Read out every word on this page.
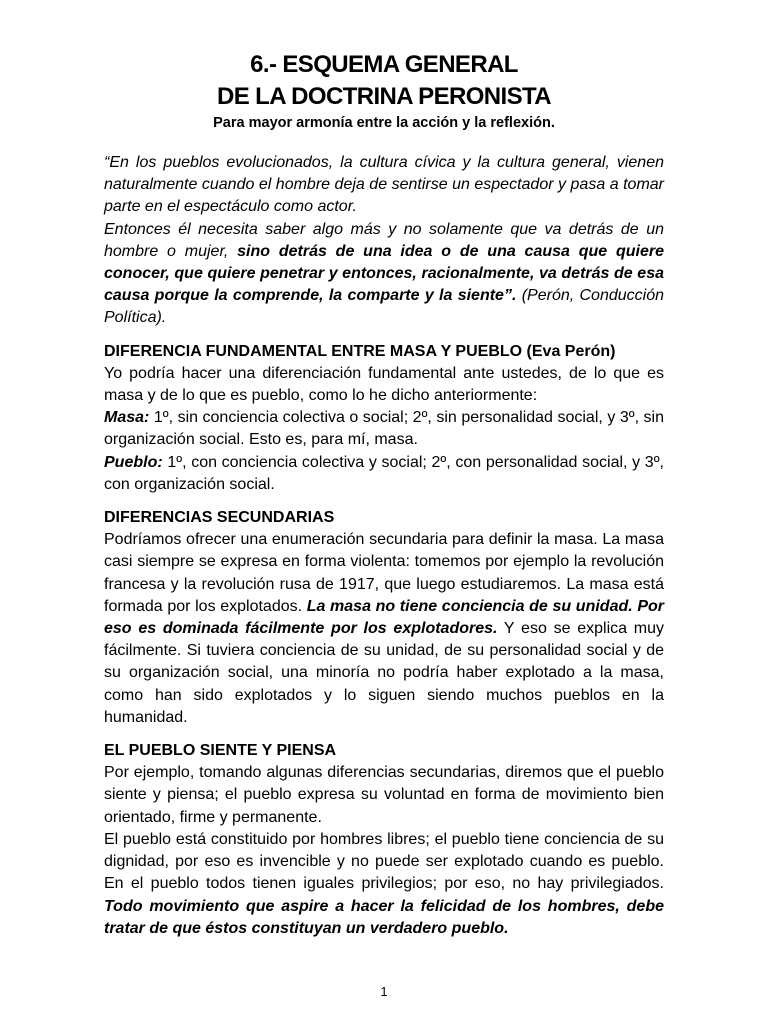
6.- ESQUEMA GENERAL
DE LA DOCTRINA PERONISTA
Para mayor armonía entre la acción y la reflexión.

“En los pueblos evolucionados, la cultura cívica y la cultura general, vienen naturalmente cuando el hombre deja de sentirse un espectador y pasa a tomar parte en el espectáculo como actor.

Entonces él necesita saber algo más y no solamente que va detrás de un hombre o mujer, sino detrás de una idea o de una causa que quiere conocer, que quiere penetrar y entonces, racionalmente, va detrás de esa causa porque la comprende, la comparte y la siente”. (Perón, Conducción Política).

DIFERENCIA FUNDAMENTAL ENTRE MASA Y PUEBLO (Eva Perón)

Yo podría hacer una diferenciación fundamental ante ustedes, de lo que es masa y de lo que es pueblo, como lo he dicho anteriormente:

Masa: 1º, sin conciencia colectiva o social; 2º, sin personalidad social, y 3º, sin organización social. Esto es, para mí, masa.

Pueblo: 1º, con conciencia colectiva y social; 2º, con personalidad social, y 3º, con organización social.

DIFERENCIAS SECUNDARIAS

Podríamos ofrecer una enumeración secundaria para definir la masa. La masa casi siempre se expresa en forma violenta: tomemos por ejemplo la revolución francesa y la revolución rusa de 1917, que luego estudiaremos. La masa está formada por los explotados. La masa no tiene conciencia de su unidad. Por eso es dominada fácilmente por los explotadores. Y eso se explica muy fácilmente. Si tuviera conciencia de su unidad, de su personalidad social y de su organización social, una minoría no podría haber explotado a la masa, como han sido explotados y lo siguen siendo muchos pueblos en la humanidad.

EL PUEBLO SIENTE Y PIENSA

Por ejemplo, tomando algunas diferencias secundarias, diremos que el pueblo siente y piensa; el pueblo expresa su voluntad en forma de movimiento bien orientado, firme y permanente.

El pueblo está constituido por hombres libres; el pueblo tiene conciencia de su dignidad, por eso es invencible y no puede ser explotado cuando es pueblo. En el pueblo todos tienen iguales privilegios; por eso, no hay privilegiados. Todo movimiento que aspire a hacer la felicidad de los hombres, debe tratar de que éstos constituyan un verdadero pueblo.

1
